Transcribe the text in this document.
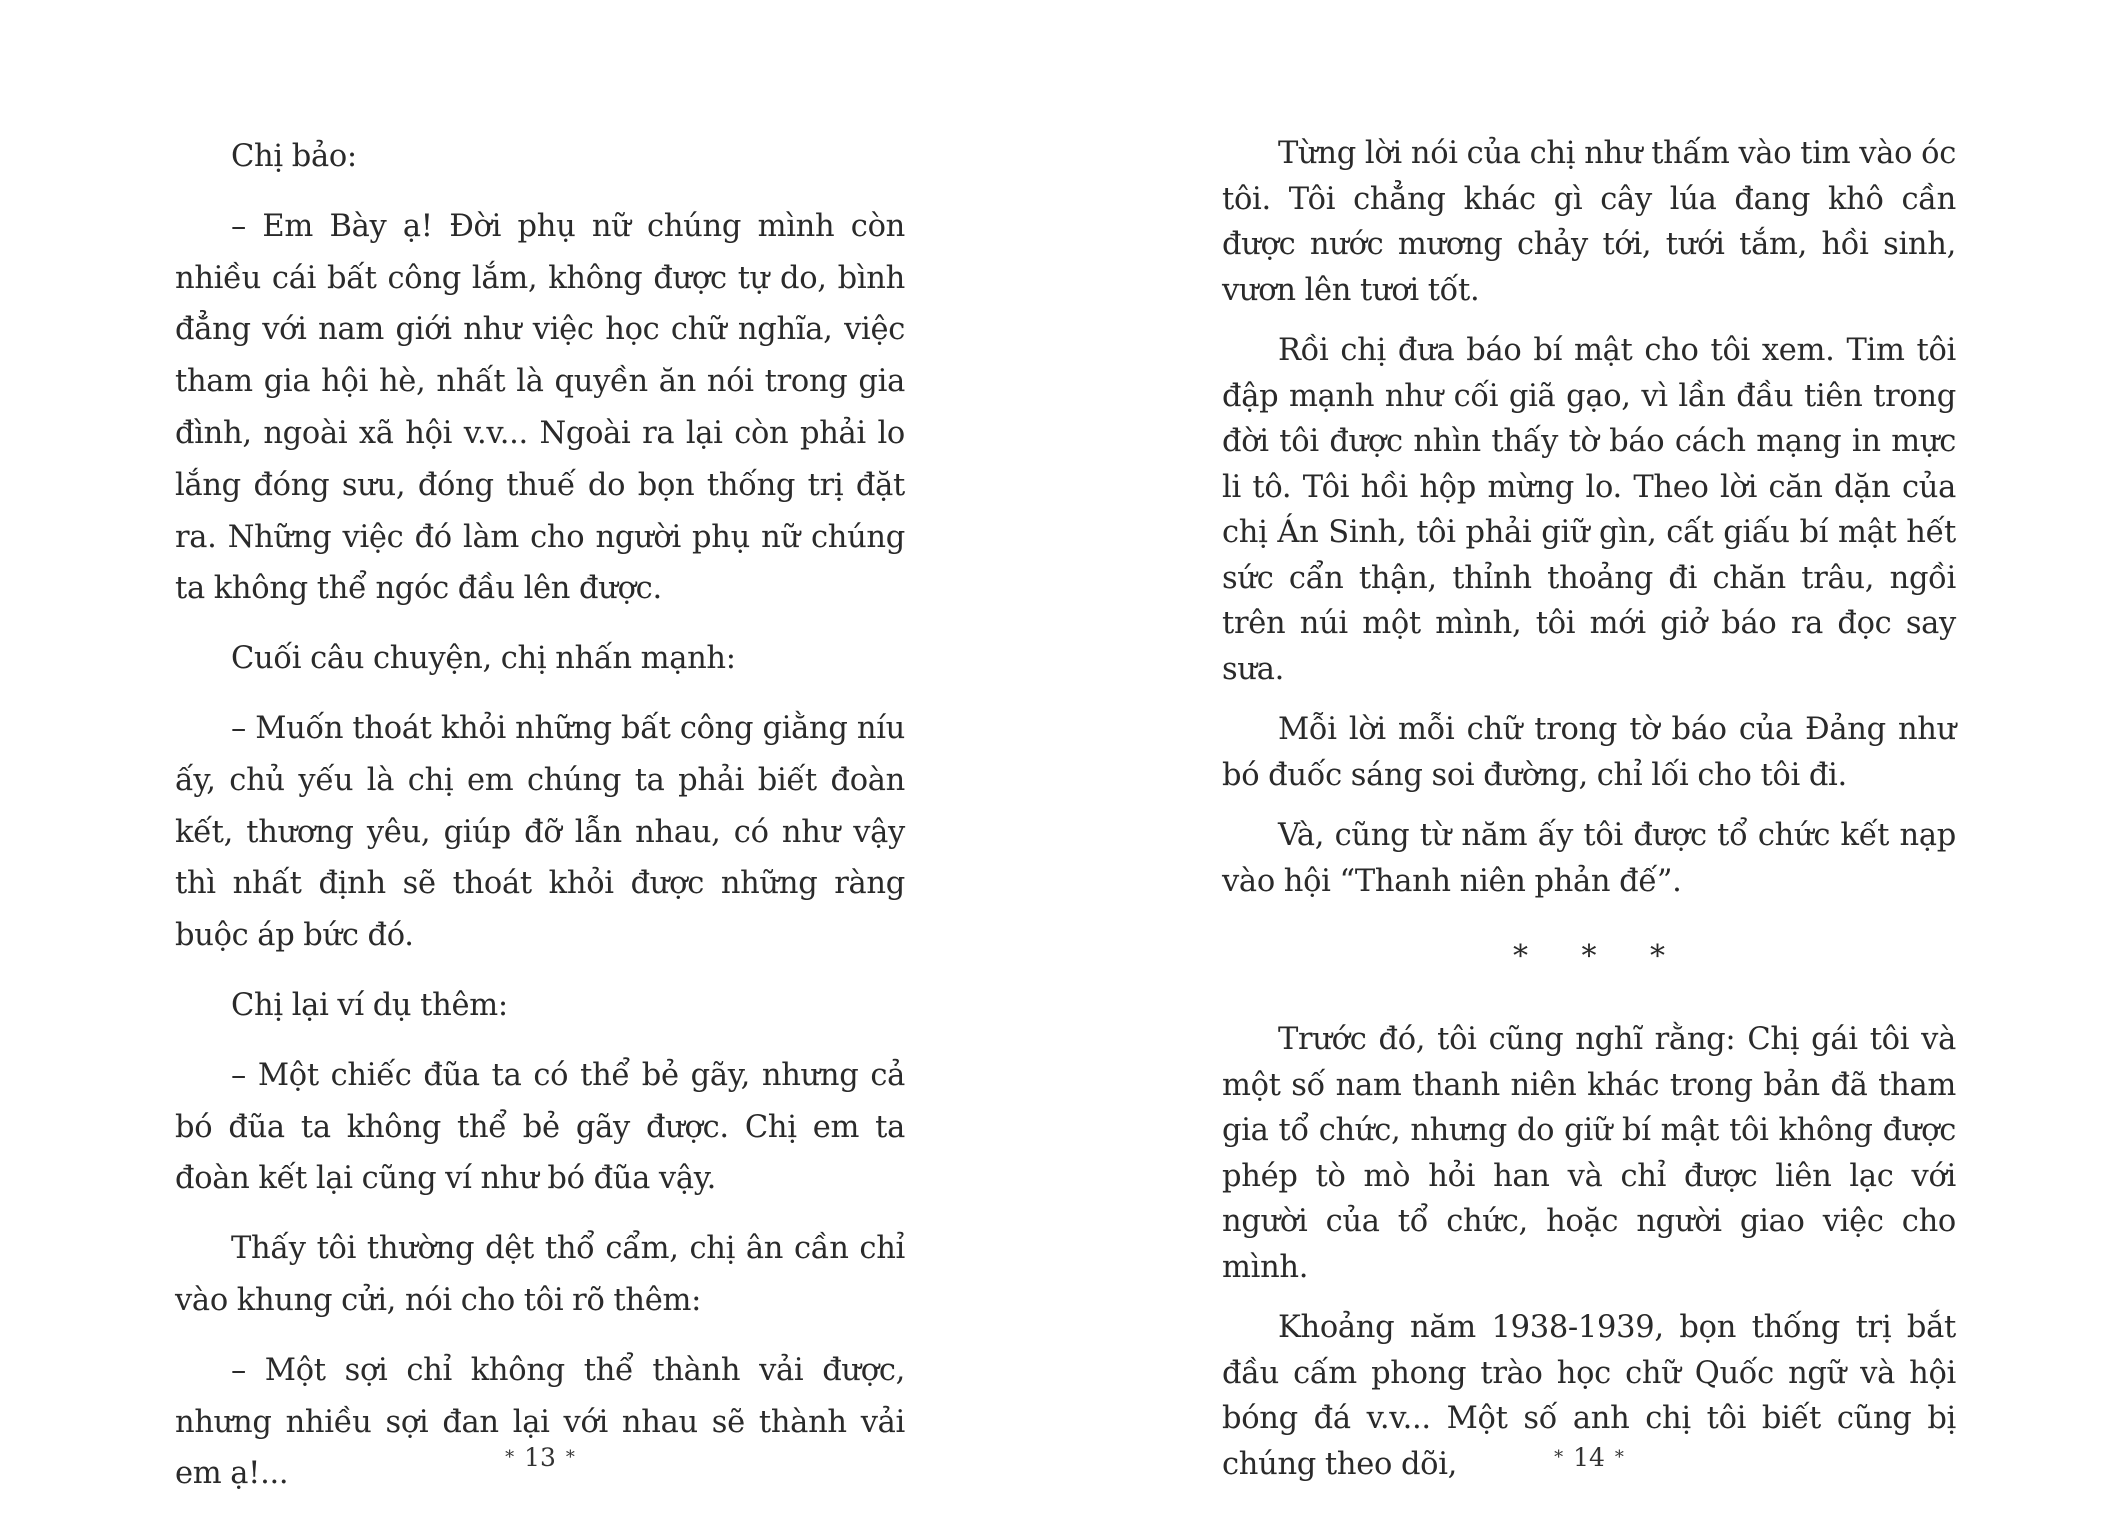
Chị bảo:

– Em Bày ạ! Đời phụ nữ chúng mình còn nhiều cái bất công lắm, không được tự do, bình đẳng với nam giới như việc học chữ nghĩa, việc tham gia hội hè, nhất là quyền ăn nói trong gia đình, ngoài xã hội v.v... Ngoài ra lại còn phải lo lắng đóng sưu, đóng thuế do bọn thống trị đặt ra. Những việc đó làm cho người phụ nữ chúng ta không thể ngóc đầu lên được.

Cuối câu chuyện, chị nhấn mạnh:

– Muốn thoát khỏi những bất công giằng níu ấy, chủ yếu là chị em chúng ta phải biết đoàn kết, thương yêu, giúp đỡ lẫn nhau, có như vậy thì nhất định sẽ thoát khỏi được những ràng buộc áp bức đó.

Chị lại ví dụ thêm:

– Một chiếc đũa ta có thể bẻ gãy, nhưng cả bó đũa ta không thể bẻ gãy được. Chị em ta đoàn kết lại cũng ví như bó đũa vậy.

Thấy tôi thường dệt thổ cẩm, chị ân cần chỉ vào khung cửi, nói cho tôi rõ thêm:

– Một sợi chỉ không thể thành vải được, nhưng nhiều sợi đan lại với nhau sẽ thành vải em ạ!...	* 13 *

Từng lời nói của chị như thấm vào tim vào óc tôi. Tôi chẳng khác gì cây lúa đang khô cần được nước mương chảy tới, tưới tắm, hồi sinh, vươn lên tươi tốt.

Rồi chị đưa báo bí mật cho tôi xem. Tim tôi đập mạnh như cối giã gạo, vì lần đầu tiên trong đời tôi được nhìn thấy tờ báo cách mạng in mực li tô. Tôi hồi hộp mừng lo. Theo lời căn dặn của chị Án Sinh, tôi phải giữ gìn, cất giấu bí mật hết sức cẩn thận, thỉnh thoảng đi chăn trâu, ngồi trên núi một mình, tôi mới giở báo ra đọc say sưa.

Mỗi lời mỗi chữ trong tờ báo của Đảng như bó đuốc sáng soi đường, chỉ lối cho tôi đi.

Và, cũng từ năm ấy tôi được tổ chức kết nạp vào hội “Thanh niên phản đế”.

* * *

Trước đó, tôi cũng nghĩ rằng: Chị gái tôi và một số nam thanh niên khác trong bản đã tham gia tổ chức, nhưng do giữ bí mật tôi không được phép tò mò hỏi han và chỉ được liên lạc với người của tổ chức, hoặc người giao việc cho mình.

Khoảng năm 1938-1939, bọn thống trị bắt đầu cấm phong trào học chữ Quốc ngữ và hội bóng đá v.v... Một số anh chị tôi biết cũng bị chúng theo dõi,	* 14 *
